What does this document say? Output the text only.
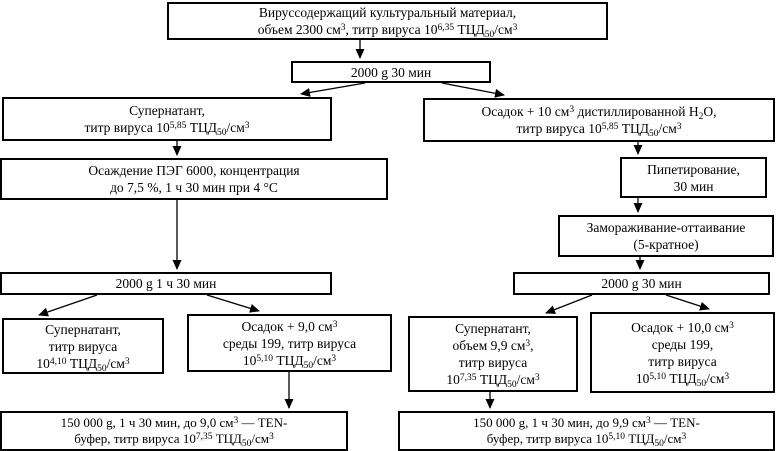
Вируссодержащий культуральный материал,
объем 2300 $см^3$, титр вируса 10$^{6,35}$ $ТЦД_{50}/см^3$
2000 g 30 мин
Супернатант,
титр вируса 10$^{5,85}$ $ТЦД_{50}/см^3$
Осадок + 10 $см^3$ дистиллированной $Н_2О$,
титр вируса 10$^{5,85}$ $ТЦД_{50}/см^3$
Осаждение ПЭГ 6000, концентрация
до 7,5 %, 1 ч 30 мин при 4 °С
Пипетирование,
30 мин
Замораживание-оттаивание
(5-кратное)
2000 g 1 ч 30 мин	2000 g 30 мин
Супернатант,
титр вируса
10$^{4,10}$ $ТЦД_{50}/см^3$
Осадок + 9,0 $см^3$
среды 199, титр вируса
10$^{5,10}$ $ТЦД_{50}/см^3$
Супернатант,
объем 9,9 $см^3$,
титр вируса
10$^{7,35}$ $ТЦД_{50}/см^3$
Осадок + 10,0 $см^3$
среды 199,
титр вируса
10$^{5,10}$ $ТЦД_{50}/см^3$
150 000 g, 1 ч 30 мин, до 9,0 $см^3$ — TEN-
буфер, титр вируса 10$^{7,35}$ $ТЦД_{50}/см^3$
150 000 g, 1 ч 30 мин, до 9,9 $см^3$ — TEN-
буфер, титр вируса 10$^{5,10}$ $ТЦД_{50}/см^3$
